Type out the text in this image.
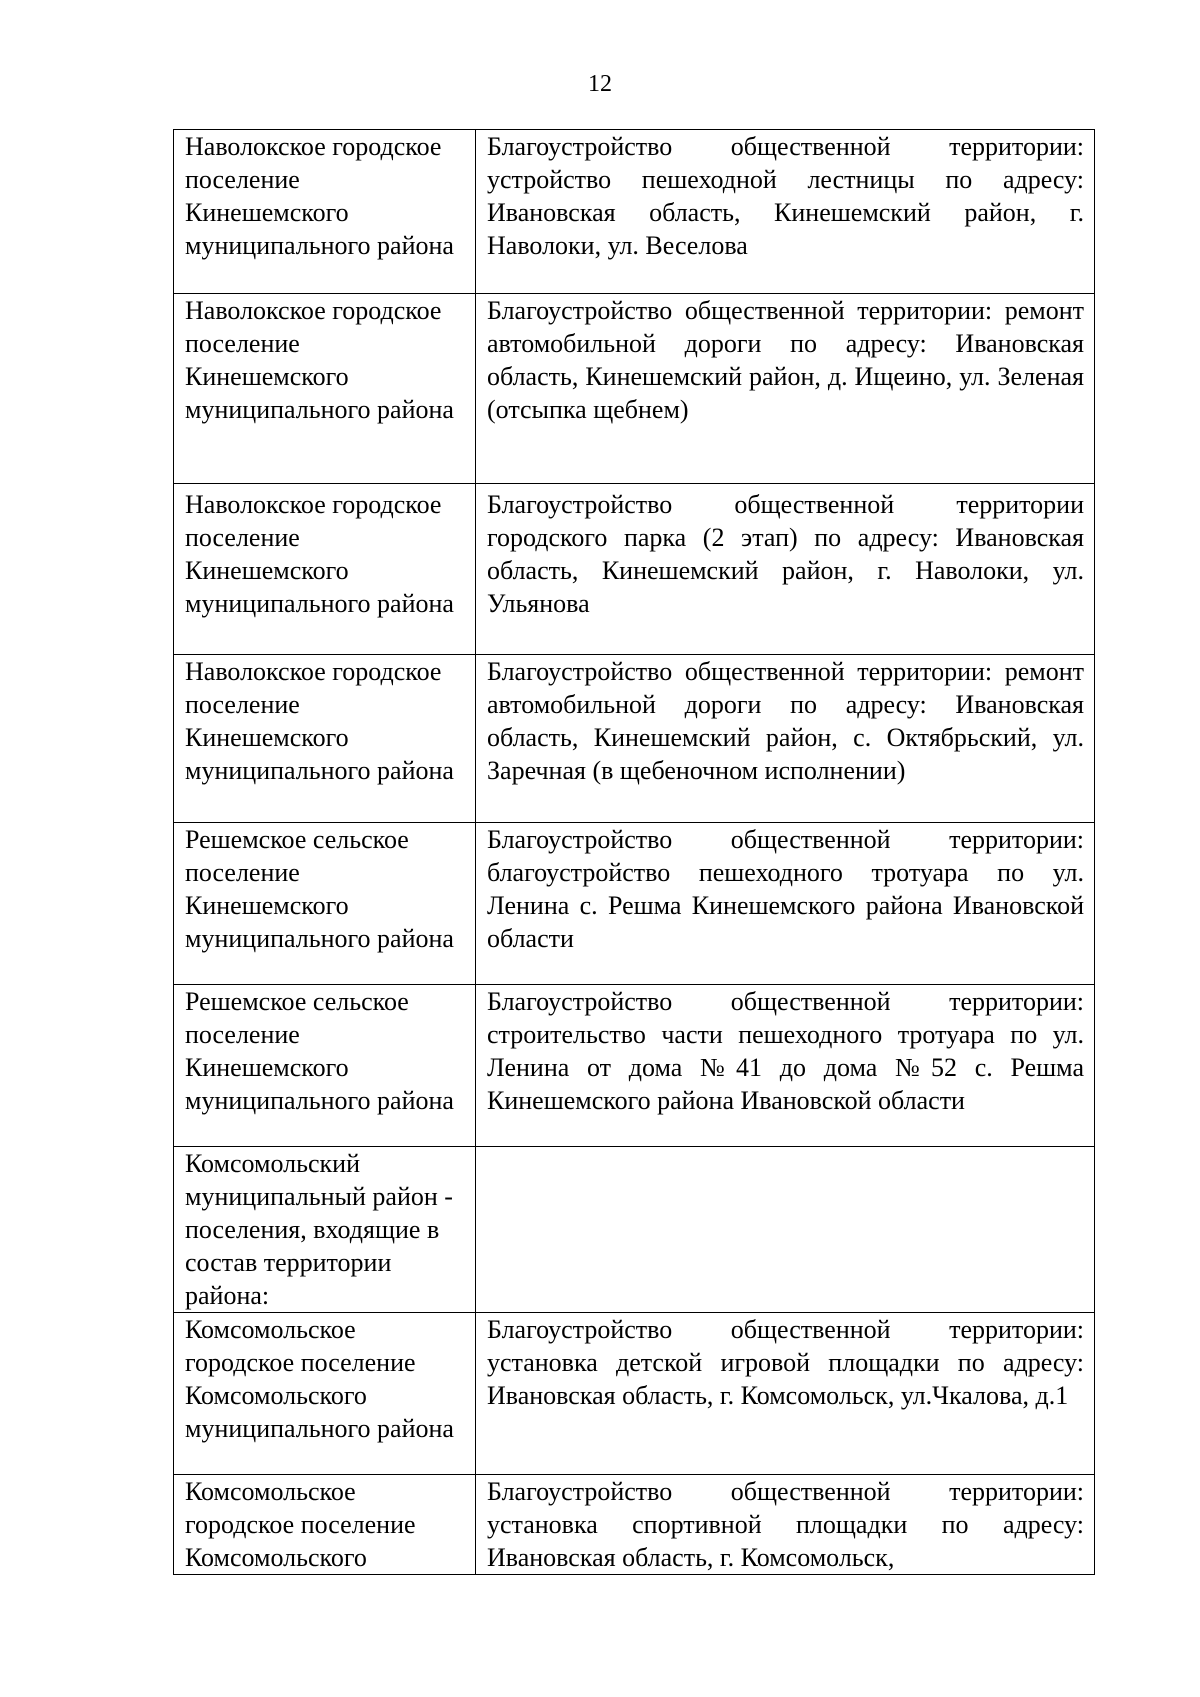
12
Наволокское городское поселение Кинешемского муниципального района	Благоустройство общественной территории: устройство пешеходной лестницы по адресу: Ивановская область, Кинешемский район, г. Наволоки, ул. Веселова
Наволокское городское поселение Кинешемского муниципального района	Благоустройство общественной территории: ремонт автомобильной дороги по адресу: Ивановская область, Кинешемский район, д. Ищеино, ул. Зеленая (отсыпка щебнем)
Наволокское городское поселение Кинешемского муниципального района	Благоустройство общественной территории городского парка (2 этап) по адресу: Ивановская область, Кинешемский район, г. Наволоки, ул. Ульянова
Наволокское городское поселение Кинешемского муниципального района	Благоустройство общественной территории: ремонт автомобильной дороги по адресу: Ивановская область, Кинешемский район, с. Октябрьский, ул. Заречная (в щебеночном исполнении)
Решемское сельское поселение Кинешемского муниципального района	Благоустройство общественной территории: благоустройство пешеходного тротуара по ул. Ленина с. Решма Кинешемского района Ивановской области
Решемское сельское поселение Кинешемского муниципального района	Благоустройство общественной территории: строительство части пешеходного тротуара по ул. Ленина от дома №41 до дома №52 с. Решма Кинешемского района Ивановской области
Комсомольский муниципальный район - поселения, входящие в состав территории района:	
Комсомольское городское поселение Комсомольского муниципального района	Благоустройство общественной территории: установка детской игровой площадки по адресу: Ивановская область, г. Комсомольск, ул.Чкалова, д.1
Комсомольское городское поселение Комсомольского	Благоустройство общественной территории: установка спортивной площадки по адресу: Ивановская область, г. Комсомольск,
